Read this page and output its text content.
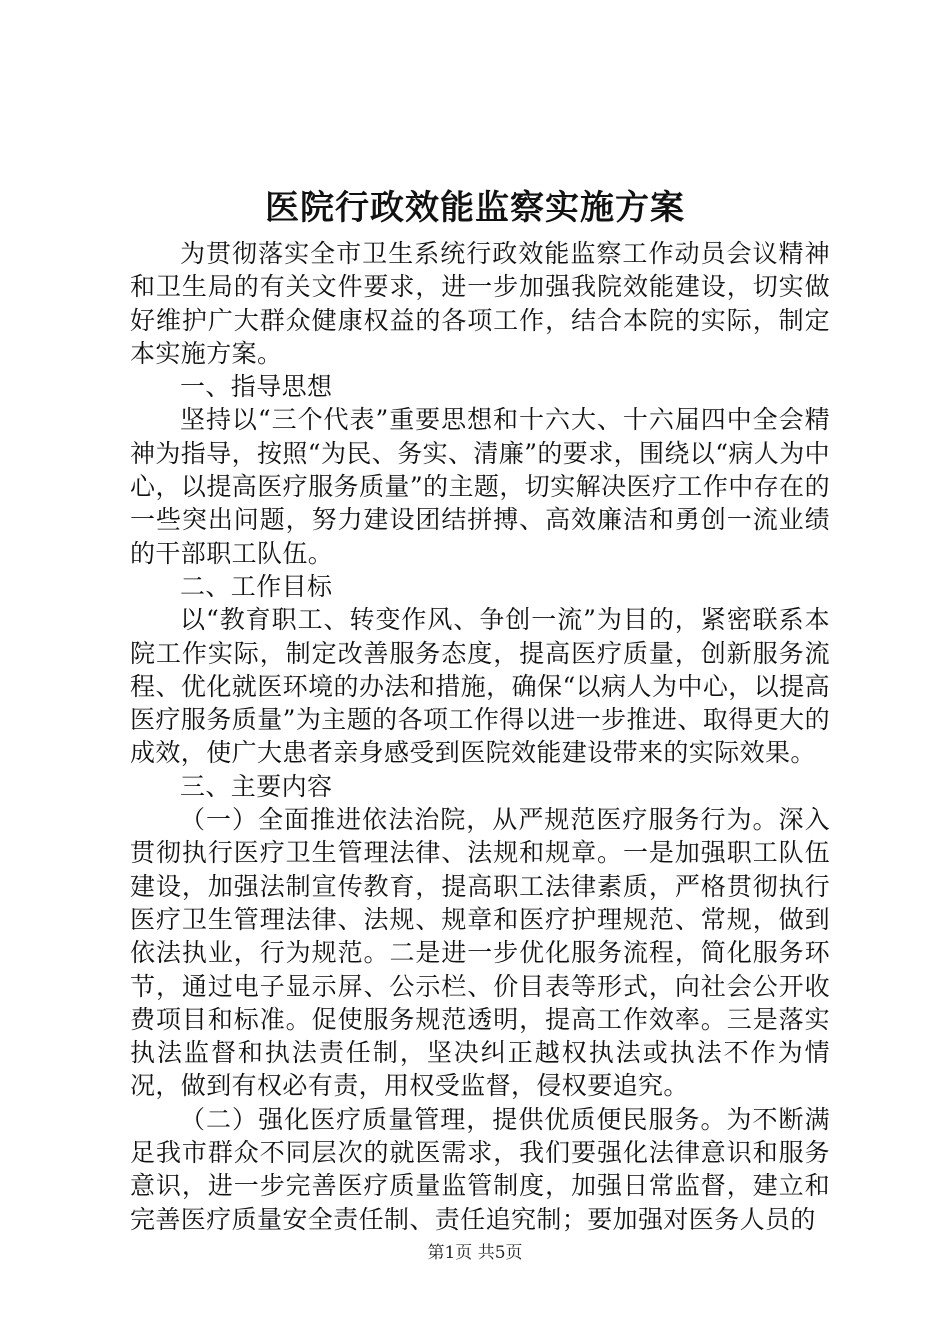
医院行政效能监察实施方案

为贯彻落实全市卫生系统行政效能监察工作动员会议精神和卫生局的有关文件要求，进一步加强我院效能建设，切实做好维护广大群众健康权益的各项工作，结合本院的实际，制定本实施方案。

一、指导思想

坚持以“三个代表”重要思想和十六大、十六届四中全会精神为指导，按照“为民、务实、清廉”的要求，围绕以“病人为中心，以提高医疗服务质量”的主题，切实解决医疗工作中存在的一些突出问题，努力建设团结拼搏、高效廉洁和勇创一流业绩的干部职工队伍。

二、工作目标

以“教育职工、转变作风、争创一流”为目的，紧密联系本院工作实际，制定改善服务态度，提高医疗质量，创新服务流程、优化就医环境的办法和措施，确保“以病人为中心，以提高医疗服务质量”为主题的各项工作得以进一步推进、取得更大的成效，使广大患者亲身感受到医院效能建设带来的实际效果。

三、主要内容

（一）全面推进依法治院，从严规范医疗服务行为。深入贯彻执行医疗卫生管理法律、法规和规章。一是加强职工队伍建设，加强法制宣传教育，提高职工法律素质，严格贯彻执行医疗卫生管理法律、法规、规章和医疗护理规范、常规，做到依法执业，行为规范。二是进一步优化服务流程，简化服务环节，通过电子显示屏、公示栏、价目表等形式，向社会公开收费项目和标准。促使服务规范透明，提高工作效率。三是落实执法监督和执法责任制，坚决纠正越权执法或执法不作为情况，做到有权必有责，用权受监督，侵权要追究。

（二）强化医疗质量管理，提供优质便民服务。为不断满足我市群众不同层次的就医需求，我们要强化法律意识和服务意识，进一步完善医疗质量监管制度，加强日常监督，建立和完善医疗质量安全责任制、责任追究制；要加强对医务人员的

第1页 共5页
